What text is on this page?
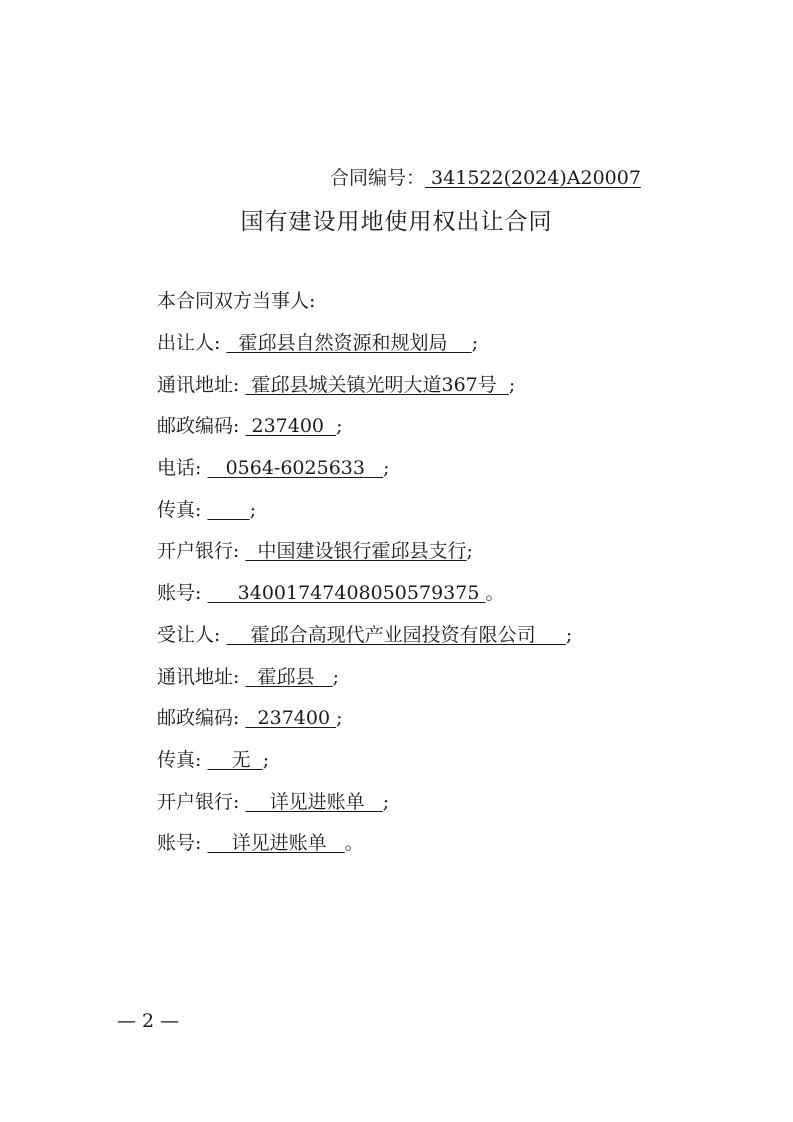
合同编号： 341522(2024)A20007
国有建设用地使用权出让合同
本合同双方当事人:
出让人:   霍邱县自然资源和规划局    ;
通讯地址:  霍邱县城关镇光明大道367号  ;
邮政编码:  237400  ;
电话:    0564-6025633   ;
传真:	;
开户银行:   中国建设银行霍邱县支行;
账号:      34001747408050579375 。
受让人:     霍邱合高现代产业园投资有限公司     ;
通讯地址:   霍邱县   ;
邮政编码:   237400 ;
传真:     无  ;
开户银行:     详见进账单   ;
账号:     详见进账单   。
— 2 —
